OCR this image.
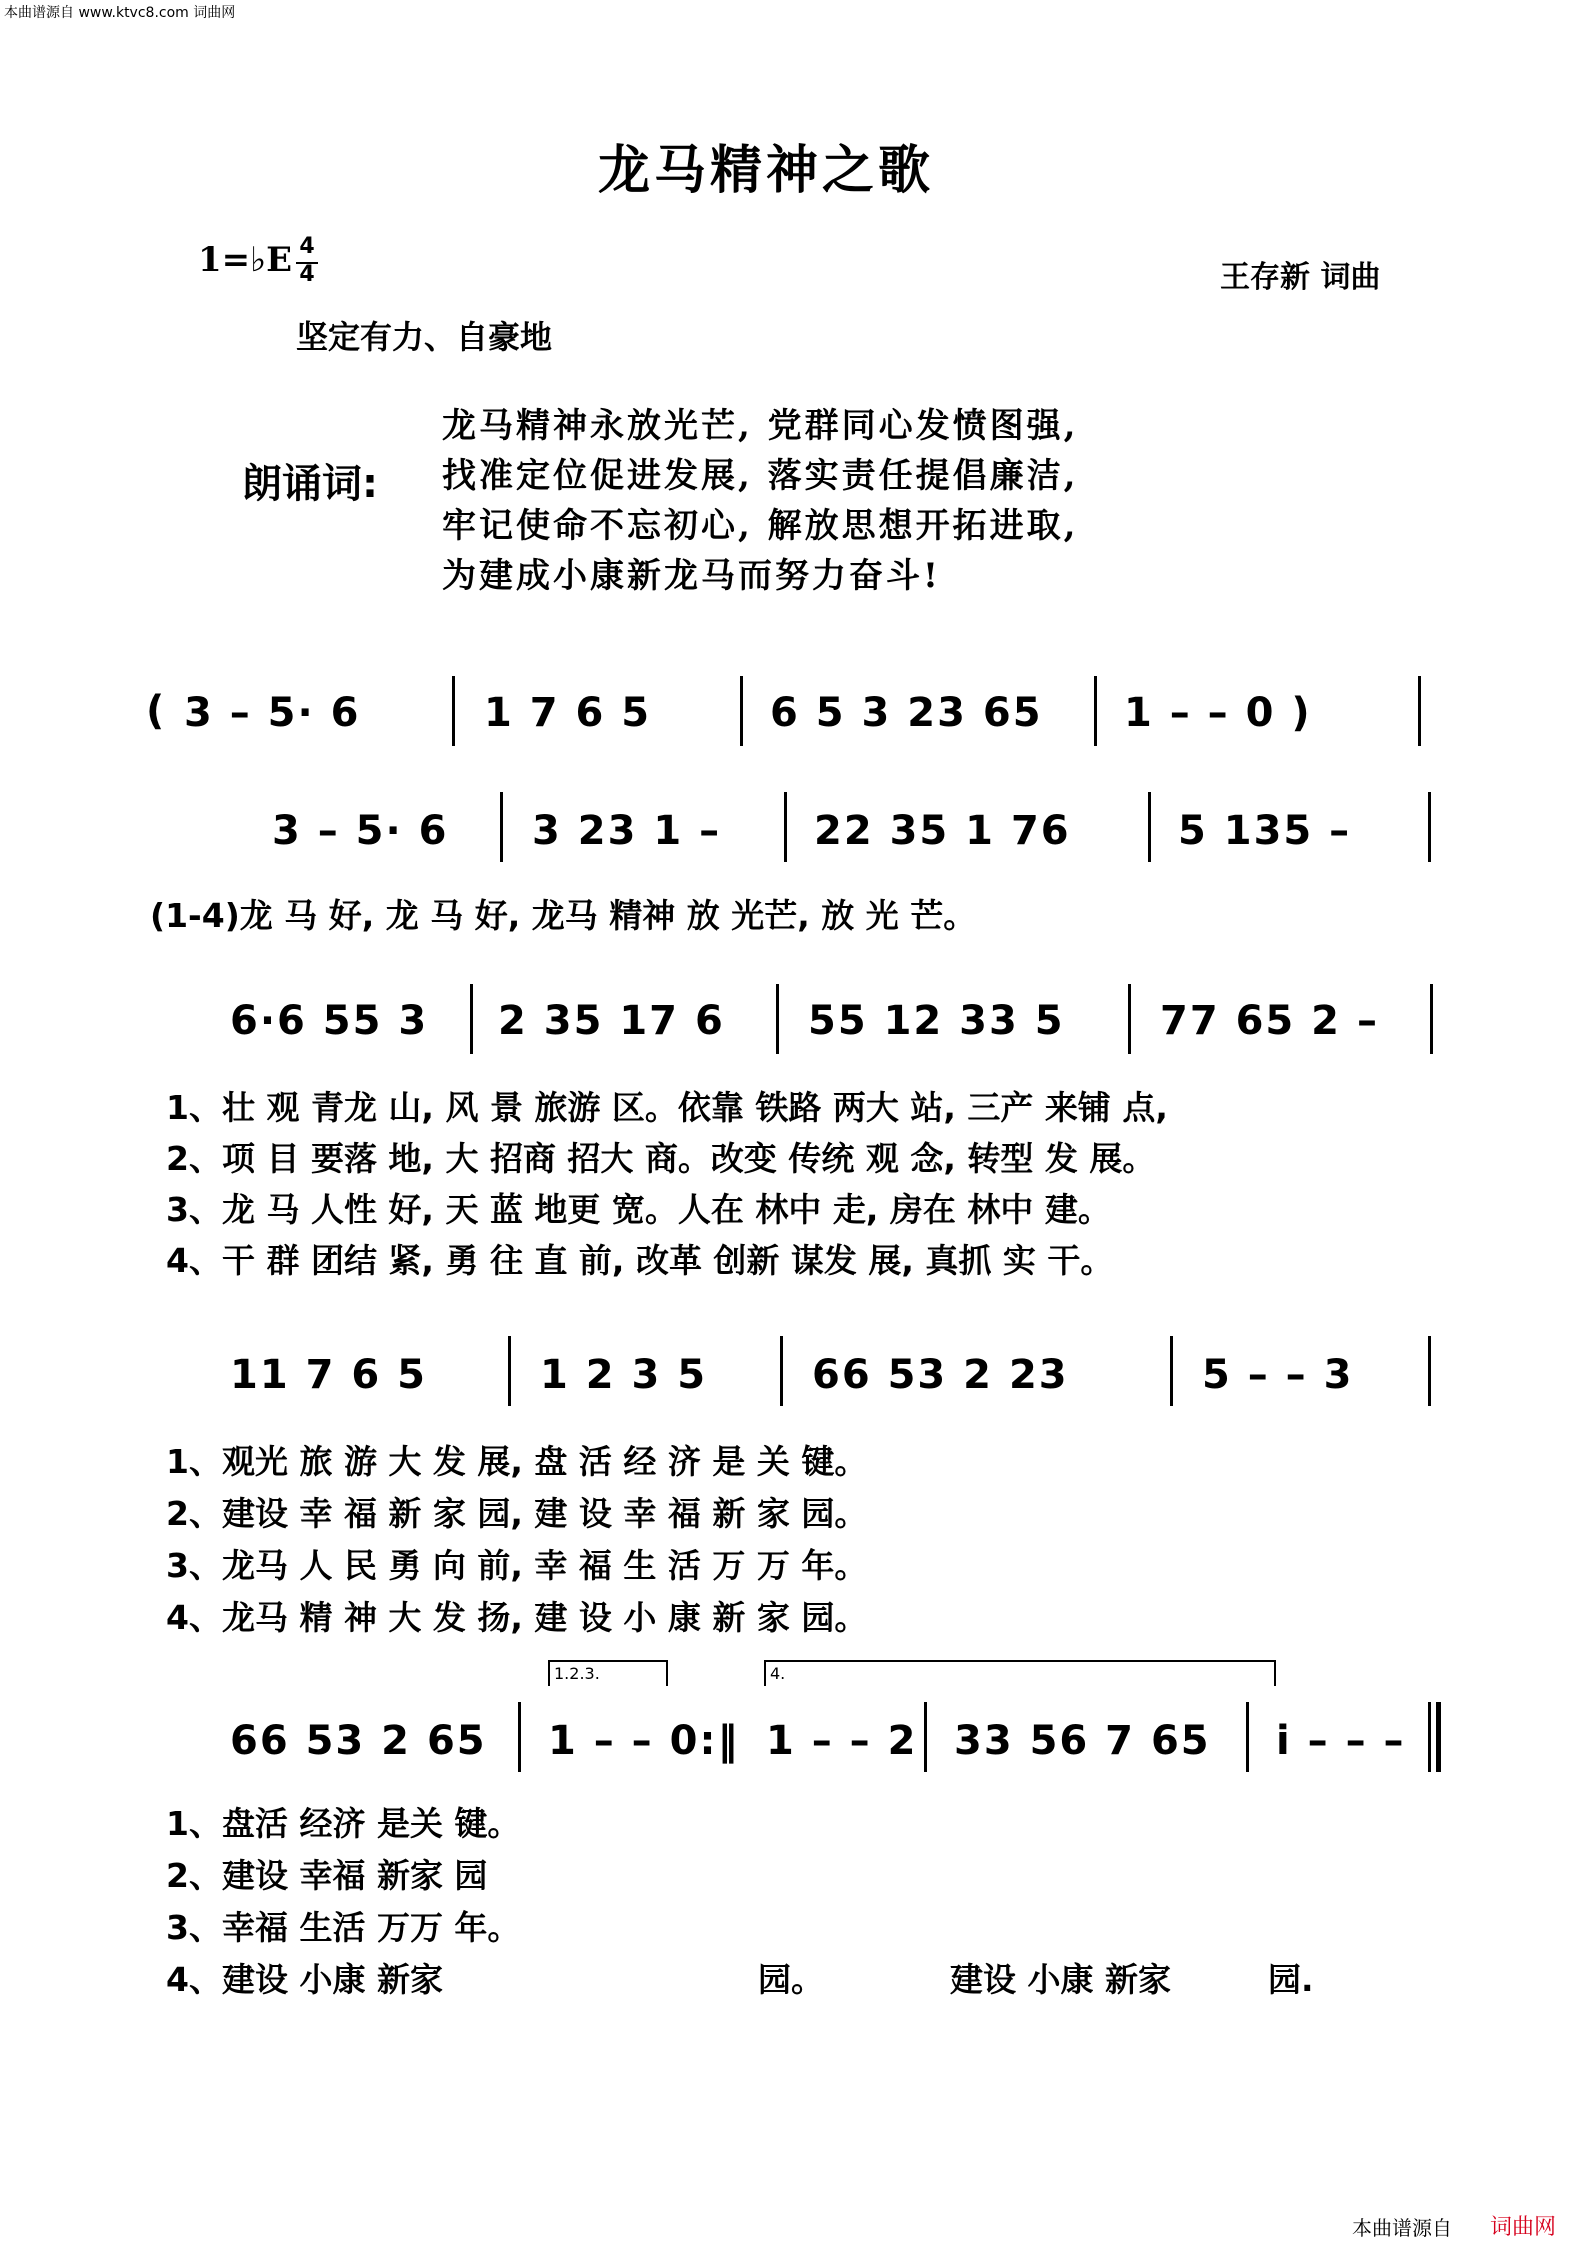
本曲谱源自 www.ktvc8.com 词曲网
龙马精神之歌
1=♭E 4
4	王存新 词曲
坚定有力、自豪地
朗诵词:
龙马精神永放光芒, 党群同心发愤图强,
找准定位促进发展, 落实责任提倡廉洁,
牢记使命不忘初心, 解放思想开拓进取,
为建成小康新龙马而努力奋斗!
( 3 – 5· 6	1 7 6 5	6 5 3 23 65 1 – – 0 )
3 – 5· 6 3 23 1 – 22 35 1 76	5 135 –
(1-4)龙 马 好, 龙 马 好, 龙马 精神 放 光芒, 放 光 芒。
6·6 55 3 2 35 17 6 55 12 33 5 77 65 2 –
1、壮 观 青龙 山, 风 景 旅游 区。依靠 铁路 两大 站, 三产 来铺 点,
2、项 目 要落 地, 大 招商 招大 商。改变 传统 观 念, 转型 发 展。
3、龙 马 人性 好, 天 蓝 地更 宽。人在 林中 走, 房在 林中 建。
4、干 群 团结 紧, 勇 往 直 前, 改革 创新 谋发 展, 真抓 实 干。
11 7 6 5	1 2 3 5	66 53 2 23	5 – – 3
1、观光 旅 游 大 发 展, 盘 活 经 济 是 关 键。
2、建设 幸 福 新 家 园, 建 设 幸 福 新 家 园。
3、龙马 人 民 勇 向 前, 幸 福 生 活 万 万 年。
4、龙马 精 神 大 发 扬, 建 设 小 康 新 家 园。
1.2.3.	4.
66 53 2 65 1 – – 0:‖ 1 – – 2 33 56 7 65 i – – –
1、盘活 经济 是关 键。
2、建设 幸福 新家 园
3、幸福 生活 万万 年。
4、建设 小康 新家	园。	建设 小康 新家	园.
本曲谱源自 词曲网
